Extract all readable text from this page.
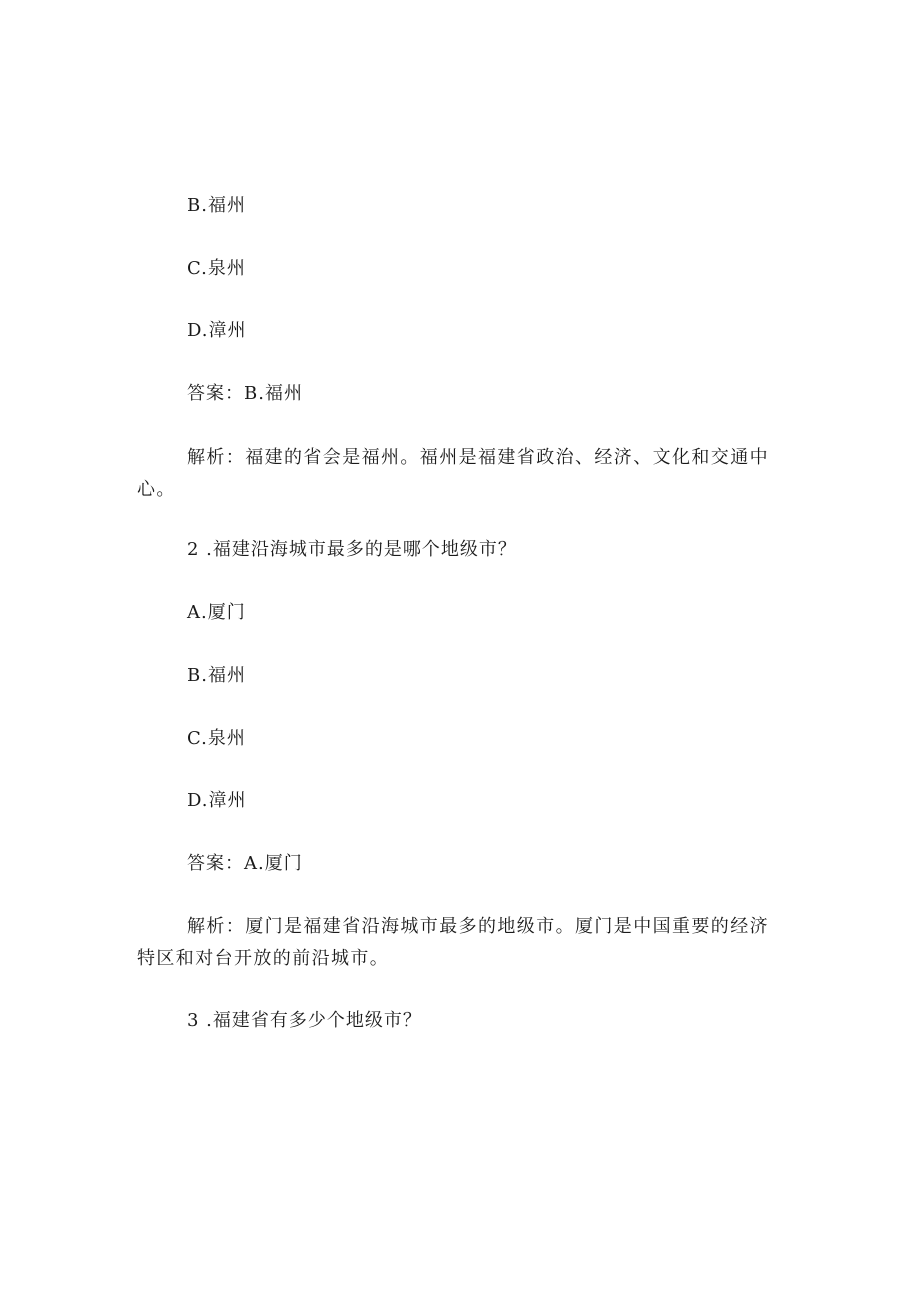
B.福州
C.泉州
D.漳州
答案：B.福州
解析：福建的省会是福州。福州是福建省政治、经济、文化和交通中心。
2 .福建沿海城市最多的是哪个地级市？
A.厦门
B.福州
C.泉州
D.漳州
答案：A.厦门
解析：厦门是福建省沿海城市最多的地级市。厦门是中国重要的经济特区和对台开放的前沿城市。
3 .福建省有多少个地级市？
